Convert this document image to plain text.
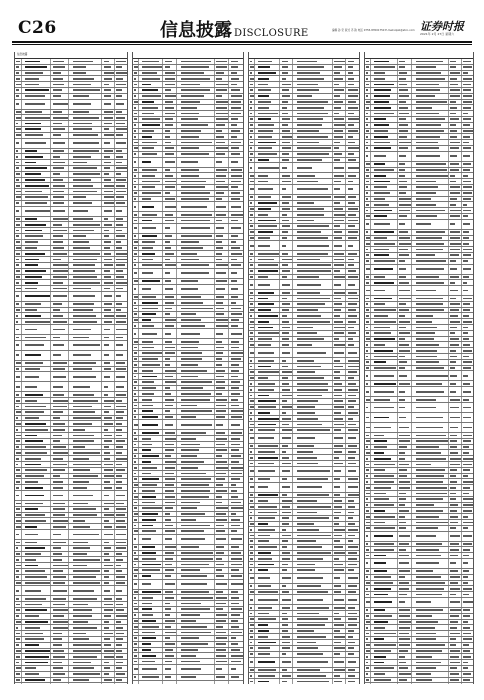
C26	信息披露 DISCLOSURE	编辑 孙 宏 版式 齐 韵 电话 0755-83501750 E-mail:zqsb@stcn.com 证券时报
2021年 2月 27日 星期六
信息披露
